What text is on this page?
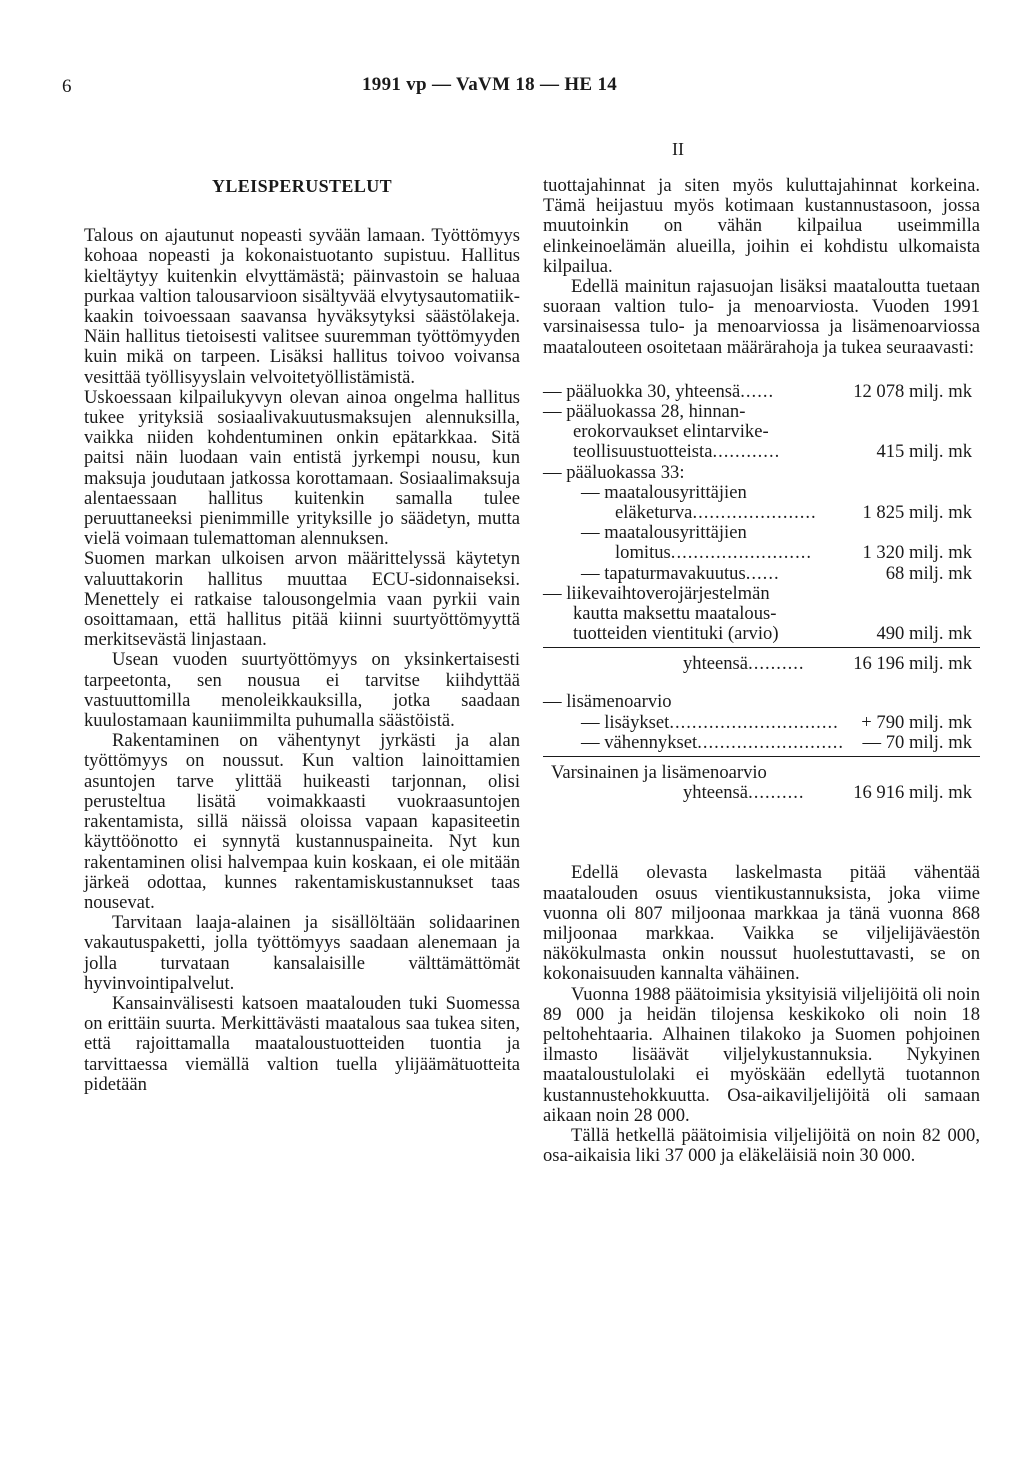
6	1991 vp — VaVM 18 — HE 14
II
YLEISPERUSTELUT

Talous on ajautunut nopeasti syvään lamaan. Työttömyys kohoaa nopeasti ja kokonaistuotanto supistuu. Hallitus kieltäytyy kuitenkin elvyttämästä; päinvastoin se haluaa purkaa valtion talousarvioon sisältyvää elvytysautomatiikkaakin toivoessaan saavansa hyväksytyksi säästölakeja. Näin hallitus tietoisesti valitsee suuremman työttömyyden kuin mikä on tarpeen. Lisäksi hallitus toivoo voivansa vesittää työllisyyslain velvoitetyöllistämistä.

Uskoessaan kilpailukyvyn olevan ainoa ongelma hallitus tukee yrityksiä sosiaalivakuutusmaksujen alennuksilla, vaikka niiden kohdentuminen onkin epätarkkaa. Sitä paitsi näin luodaan vain entistä jyrkempi nousu, kun maksuja joudutaan jatkossa korottamaan. Sosiaalimaksuja alentaessaan hallitus kuitenkin samalla tulee peruuttaneeksi pienimmille yrityksille jo säädetyn, mutta vielä voimaan tulemattoman alennuksen.

Suomen markan ulkoisen arvon määrittelyssä käytetyn valuuttakorin hallitus muuttaa ECU-sidonnaiseksi. Menettely ei ratkaise talousongelmia vaan pyrkii vain osoittamaan, että hallitus pitää kiinni suurtyöttömyyttä merkitsevästä linjastaan.

Usean vuoden suurtyöttömyys on yksinkertaisesti tarpeetonta, sen nousua ei tarvitse kiihdyttää vastuuttomilla menoleikkauksilla, jotka saadaan kuulostamaan kauniimmilta puhumalla säästöistä.

Rakentaminen on vähentynyt jyrkästi ja alan työttömyys on noussut. Kun valtion lainoittamien asuntojen tarve ylittää huikeasti tarjonnan, olisi perusteltua lisätä voimakkaasti vuokraasuntojen rakentamista, sillä näissä oloissa vapaan kapasiteetin käyttöönotto ei synnytä kustannuspaineita. Nyt kun rakentaminen olisi halvempaa kuin koskaan, ei ole mitään järkeä odottaa, kunnes rakentamiskustannukset taas nousevat.

Tarvitaan laaja-alainen ja sisällöltään solidaarinen vakautuspaketti, jolla työttömyys saadaan alenemaan ja jolla turvataan kansalaisille välttämättömät hyvinvointipalvelut.

Kansainvälisesti katsoen maatalouden tuki Suomessa on erittäin suurta. Merkittävästi maatalous saa tukea siten, että rajoittamalla maataloustuotteiden tuontia ja tarvittaessa viemällä valtion tuella ylijäämätuotteita pidetään

tuottajahinnat ja siten myös kuluttajahinnat korkeina. Tämä heijastuu myös kotimaan kustannustasoon, jossa muutoinkin on vähän kilpailua useimmilla elinkeinoelämän alueilla, joihin ei kohdistu ulkomaista kilpailua.

Edellä mainitun rajasuojan lisäksi maataloutta tuetaan suoraan valtion tulo- ja menoarviosta. Vuoden 1991 varsinaisessa tulo- ja menoarviossa ja lisämenoarviossa maatalouteen osoitetaan määrärahoja ja tukea seuraavasti:

— pääluokka 30, yhteensä......	12 078 milj. mk
— pääluokassa 28, hinnan-
erokorvaukset elintarvike-
teollisuustuotteista............	415 milj. mk
— pääluokassa 33:
— maatalousyrittäjien
eläketurva...................... 1 825 milj. mk
— maatalousyrittäjien
lomitus.........................	1 320 milj. mk
— tapaturmavakuutus......	68 milj. mk
— liikevaihtoverojärjestelmän
kautta maksettu maatalous-
tuotteiden vientituki (arvio)	490 milj. mk
yhteensä..........	16 196 milj. mk
— lisämenoarvio
— lisäykset.............................. + 790 milj. mk
— vähennykset.......................... — 70 milj. mk
Varsinainen ja lisämenoarvio
yhteensä..........	16 916 milj. mk

Edellä olevasta laskelmasta pitää vähentää maatalouden osuus vientikustannuksista, joka viime vuonna oli 807 miljoonaa markkaa ja tänä vuonna 868 miljoonaa markkaa. Vaikka se viljelijäväestön näkökulmasta onkin noussut huolestuttavasti, se on kokonaisuuden kannalta vähäinen.

Vuonna 1988 päätoimisia yksityisiä viljelijöitä oli noin 89 000 ja heidän tilojensa keskikoko oli noin 18 peltohehtaaria. Alhainen tilakoko ja Suomen pohjoinen ilmasto lisäävät viljelykustannuksia. Nykyinen maataloustulolaki ei myöskään edellytä tuotannon kustannustehokkuutta. Osa-aikaviljelijöitä oli samaan aikaan noin 28 000.

Tällä hetkellä päätoimisia viljelijöitä on noin 82 000, osa-aikaisia liki 37 000 ja eläkeläisiä noin 30 000.
